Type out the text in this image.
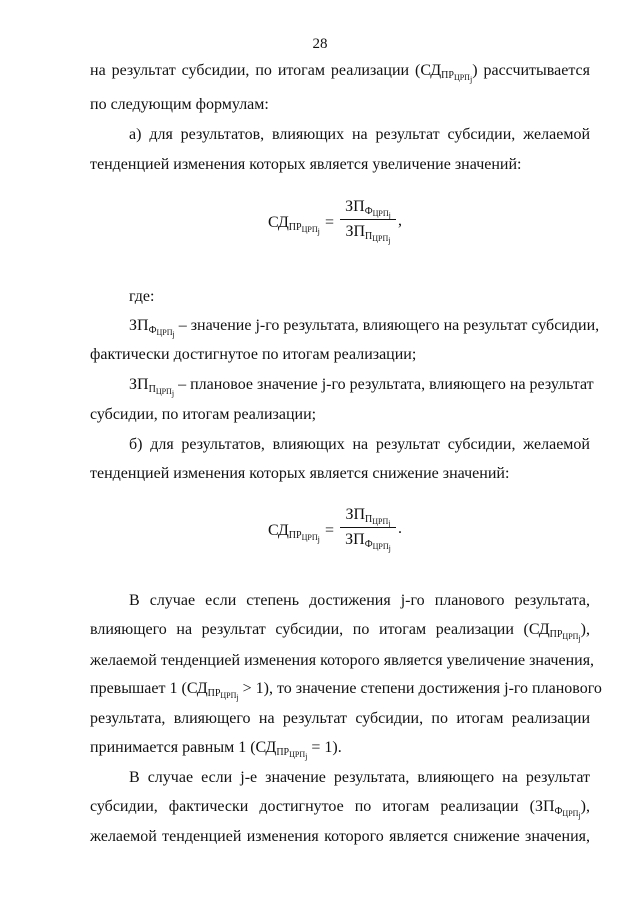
28
на результат субсидии, по итогам реализации $(СД_{ПР_{ЦРП_j}})$ рассчитывается
по следующим формулам:
а) для результатов, влияющих на результат субсидии, желаемой
тенденцией изменения которых является увеличение значений:
$СД_{ПР_{ЦРП_j}}$
=
$ЗП_{Ф_{ЦРП_j}}$
$ЗП_{П_{ЦРП_j}}$
,
где:
$ЗП_{Ф_{ЦРП_j}}$ – значение j-го результата, влияющего на результат субсидии,
фактически достигнутое по итогам реализации;
$ЗП_{П_{ЦРП_j}}$ – плановое значение j-го результата, влияющего на результат
субсидии, по итогам реализации;
б) для результатов, влияющих на результат субсидии, желаемой
тенденцией изменения которых является снижение значений:
$СД_{ПР_{ЦРП_j}}$
=
$ЗП_{П_{ЦРП_j}}$
$ЗП_{Ф_{ЦРП_j}}$
.
В случае если степень достижения j-го планового результата,
влияющего на результат субсидии, по итогам реализации $(СД_{ПР_{ЦРП_j}})$,
желаемой тенденцией изменения которого является увеличение значения,
превышает 1 $(СД_{ПР_{ЦРП_j}} > 1)$, то значение степени достижения j-го планового
результата, влияющего на результат субсидии, по итогам реализации
принимается равным 1 $(СД_{ПР_{ЦРП_j}} = 1)$.
В случае если j-е значение результата, влияющего на результат
субсидии, фактически достигнутое по итогам реализации $(ЗП_{Ф_{ЦРП_j}})$,
желаемой тенденцией изменения которого является снижение значения,
